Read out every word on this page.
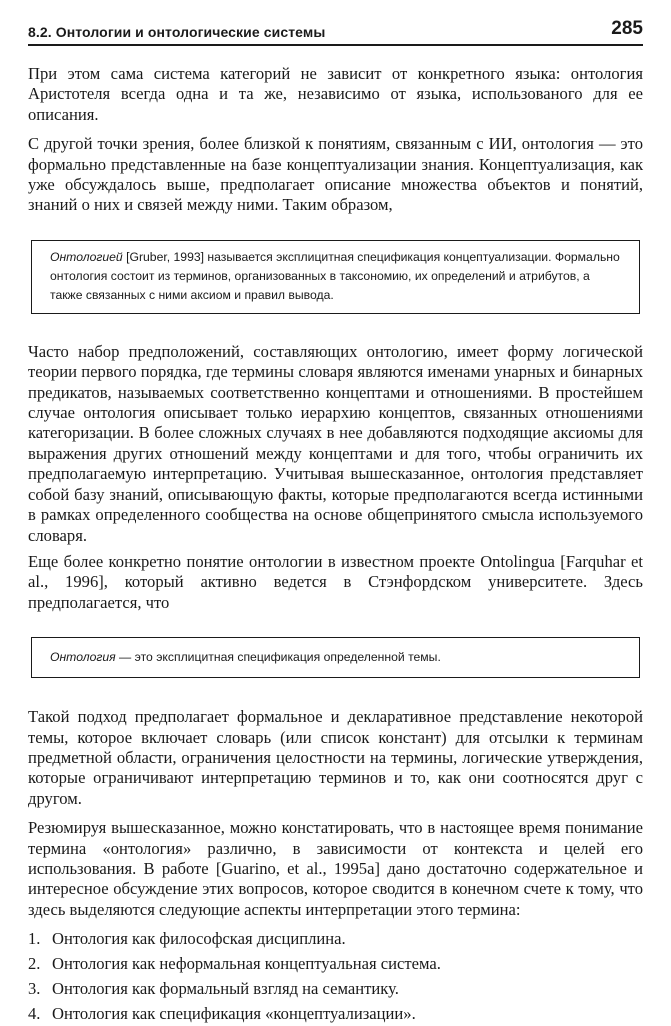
8.2. Онтологии и онтологические системы	285

При этом сама система категорий не зависит от конкретного языка: онтология Аристотеля всегда одна и та же, независимо от языка, использованого для ее описания.

С другой точки зрения, более близкой к понятиям, связанным с ИИ, онтология — это формально представленные на базе концептуализации знания. Концептуализация, как уже обсуждалось выше, предполагает описание множества объектов и понятий, знаний о них и связей между ними. Таким образом,

Онтологией [Gruber, 1993] называется эксплицитная спецификация концептуализации. Формально онтология состоит из терминов, организованных в таксономию, их определений и атрибутов, а также связанных с ними аксиом и правил вывода.

Часто набор предположений, составляющих онтологию, имеет форму логической теории первого порядка, где термины словаря являются именами унарных и бинарных предикатов, называемых соответственно концептами и отношениями. В простейшем случае онтология описывает только иерархию концептов, связанных отношениями категоризации. В более сложных случаях в нее добавляются подходящие аксиомы для выражения других отношений между концептами и для того, чтобы ограничить их предполагаемую интерпретацию. Учитывая вышесказанное, онтология представляет собой базу знаний, описывающую факты, которые предполагаются всегда истинными в рамках определенного сообщества на основе общепринятого смысла используемого словаря.

Еще более конкретно понятие онтологии в известном проекте Ontolingua [Farquhar et al., 1996], который активно ведется в Стэнфордском университете. Здесь предполагается, что

Онтология — это эксплицитная спецификация определенной темы.

Такой подход предполагает формальное и декларативное представление некоторой темы, которое включает словарь (или список констант) для отсылки к терминам предметной области, ограничения целостности на термины, логические утверждения, которые ограничивают интерпретацию терминов и то, как они соотносятся друг с другом.

Резюмируя вышесказанное, можно констатировать, что в настоящее время понимание термина «онтология» различно, в зависимости от контекста и целей его использования. В работе [Guarino, et al., 1995a] дано достаточно содержательное и интересное обсуждение этих вопросов, которое сводится в конечном счете к тому, что здесь выделяются следующие аспекты интерпретации этого термина:

1. Онтология как философская дисциплина.
2. Онтология как неформальная концептуальная система.
3. Онтология как формальный взгляд на семантику.
4. Онтология как спецификация «концептуализации».
